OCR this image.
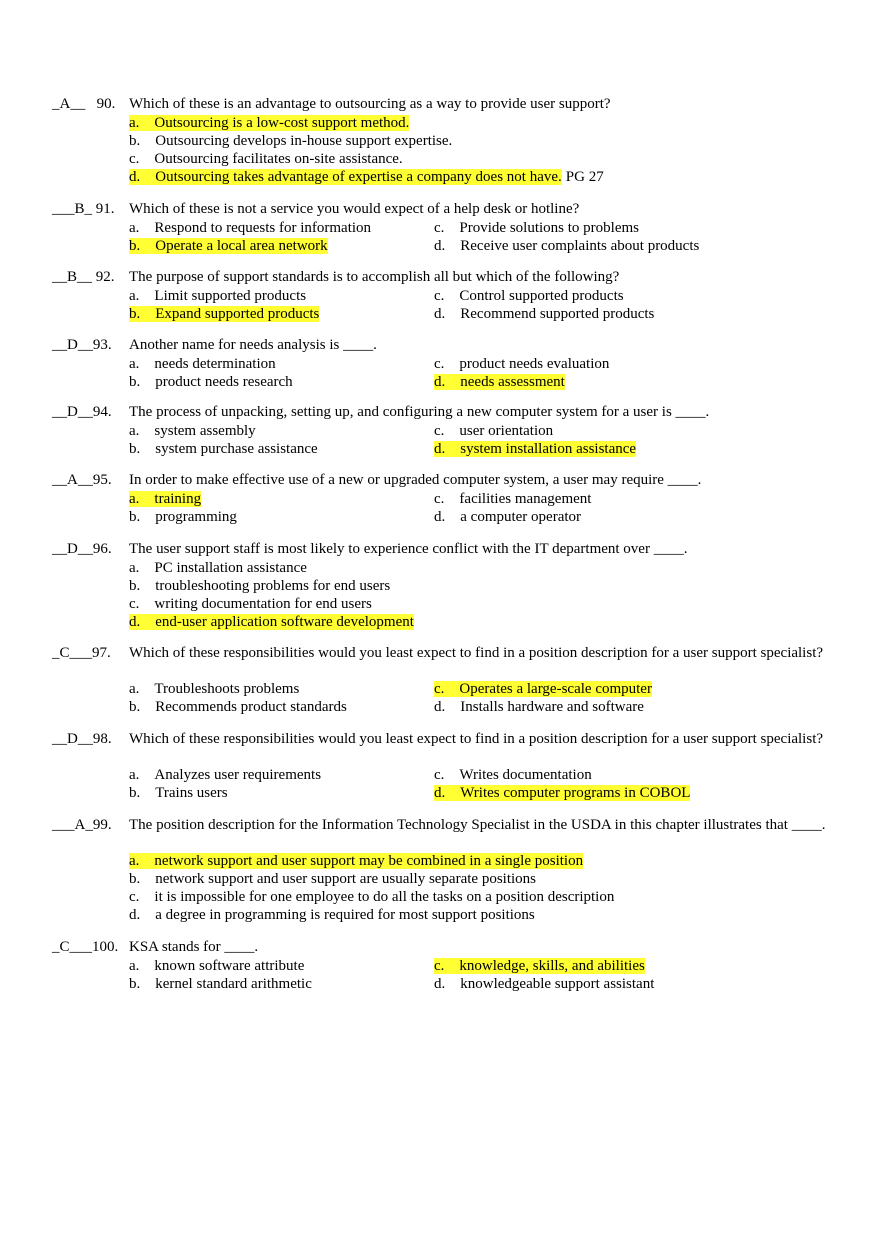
_A__ 90. Which of these is an advantage to outsourcing as a way to provide user support?
a. Outsourcing is a low-cost support method.
b. Outsourcing develops in-house support expertise.
c. Outsourcing facilitates on-site assistance.
d. Outsourcing takes advantage of expertise a company does not have. PG 27
___B_ 91. Which of these is not a service you would expect of a help desk or hotline?
a. Respond to requests for information	c. Provide solutions to problems
b. Operate a local area network	d. Receive user complaints about products
__B__ 92. The purpose of support standards is to accomplish all but which of the following?
a. Limit supported products	c. Control supported products
b. Expand supported products	d. Recommend supported products
__D__93. Another name for needs analysis is ____.
a. needs determination	c. product needs evaluation
b. product needs research	d. needs assessment
__D__94. The process of unpacking, setting up, and configuring a new computer system for a user is ____.
a. system assembly	c. user orientation
b. system purchase assistance	d. system installation assistance
__A__95. In order to make effective use of a new or upgraded computer system, a user may require ____.
a. training	c. facilities management
b. programming	d. a computer operator
__D__96. The user support staff is most likely to experience conflict with the IT department over ____.
a. PC installation assistance
b. troubleshooting problems for end users
c. writing documentation for end users
d. end-user application software development
_C___97. Which of these responsibilities would you least expect to find in a position description for a user support specialist?
a. Troubleshoots problems	c. Operates a large-scale computer
b. Recommends product standards	d. Installs hardware and software
__D__98. Which of these responsibilities would you least expect to find in a position description for a user support specialist?
a. Analyzes user requirements	c. Writes documentation
b. Trains users	d. Writes computer programs in COBOL
___A_99. The position description for the Information Technology Specialist in the USDA in this chapter illustrates that ____.
a. network support and user support may be combined in a single position
b. network support and user support are usually separate positions
c. it is impossible for one employee to do all the tasks on a position description
d. a degree in programming is required for most support positions
_C___100. KSA stands for ____.
a. known software attribute	c. knowledge, skills, and abilities
b. kernel standard arithmetic	d. knowledgeable support assistant
